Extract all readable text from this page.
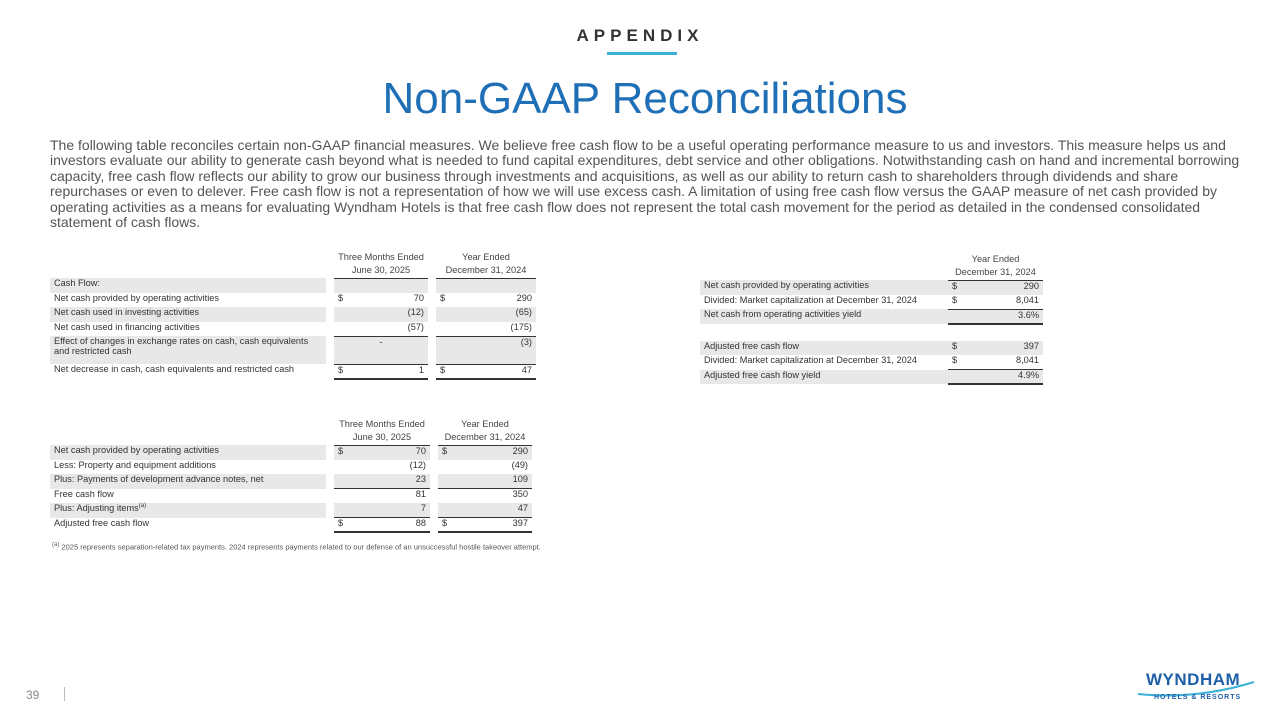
APPENDIX
Non-GAAP Reconciliations
The following table reconciles certain non-GAAP financial measures. We believe free cash flow to be a useful operating performance measure to us and investors. This measure helps us and investors evaluate our ability to generate cash beyond what is needed to fund capital expenditures, debt service and other obligations. Notwithstanding cash on hand and incremental borrowing capacity, free cash flow reflects our ability to grow our business through investments and acquisitions, as well as our ability to return cash to shareholders through dividends and share repurchases or even to delever. Free cash flow is not a representation of how we will use excess cash. A limitation of using free cash flow versus the GAAP measure of net cash provided by operating activities as a means for evaluating Wyndham Hotels is that free cash flow does not represent the total cash movement for the period as detailed in the condensed consolidated statement of cash flows.
		Three Months Ended		Year Ended
		June 30, 2025		December 31, 2024
Cash Flow:				
Net cash provided by operating activities		$ 70		$ 290
Net cash used in investing activities		(12)		(65)
Net cash used in financing activities		(57)		(175)
Effect of changes in exchange rates on cash, cash equivalents
and restricted cash		-		(3)
Net decrease in cash, cash equivalents and restricted cash		$ 1		$ 47
		Three Months Ended		Year Ended
		June 30, 2025		December 31, 2024
Net cash provided by operating activities		$ 70		$ 290
Less: Property and equipment additions		(12)		(49)
Plus: Payments of development advance notes, net		23		109
Free cash flow		81		350
Plus: Adjusting items$^{(a)}$		7		47
Adjusted free cash flow		$ 88		$ 397
	Year Ended
	December 31, 2024
Net cash provided by operating activities	$ 290
Divided: Market capitalization at December 31, 2024	$ 8,041
Net cash from operating activities yield	3.6%

Adjusted free cash flow	$ 397
Divided: Market capitalization at December 31, 2024	$ 8,041
Adjusted free cash flow yield	4.9%
$^{(a)}$ 2025 represents separation-related tax payments. 2024 represents payments related to our defense of an unsuccessful hostile takeover attempt.
39
WYNDHAM
HOTELS & RESORTS
